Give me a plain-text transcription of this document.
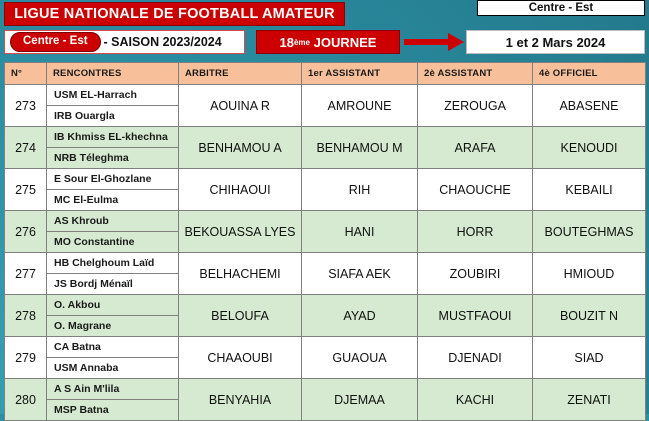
LIGUE NATIONALE DE FOOTBALL AMATEUR	Centre - Est
Centre - Est	- SAISON 2023/2024	18 ème
JOURNEE	1 et 2 Mars 2024
N°	RENCONTRES	ARBITRE	1er ASSISTANT	2è ASSISTANT	4è OFFICIEL
273	USM EL-Harrach	AOUINA R	AMROUNE	ZEROUGA	ABASENE
	IRB Ouargla				
274	IB Khmiss EL-khechna	BENHAMOU A	BENHAMOU M	ARAFA	KENOUDI
	NRB Téleghma				
275	E Sour El-Ghozlane	CHIHAOUI	RIH	CHAOUCHE	KEBAILI
	MC El-Eulma				
276	AS Khroub	BEKOUASSA LYES	HANI	HORR	BOUTEGHMAS
	MO Constantine				
277	HB Chelghoum Laïd	BELHACHEMI	SIAFA AEK	ZOUBIRI	HMIOUD
	JS Bordj Ménaïl				
278	O. Akbou	BELOUFA	AYAD	MUSTFAOUI	BOUZIT N
	O. Magrane				
279	CA Batna	CHAAOUBI	GUAOUA	DJENADI	SIAD
	USM Annaba				
280	A S Ain M'lila	BENYAHIA	DJEMAA	KACHI	ZENATI
	MSP Batna				
